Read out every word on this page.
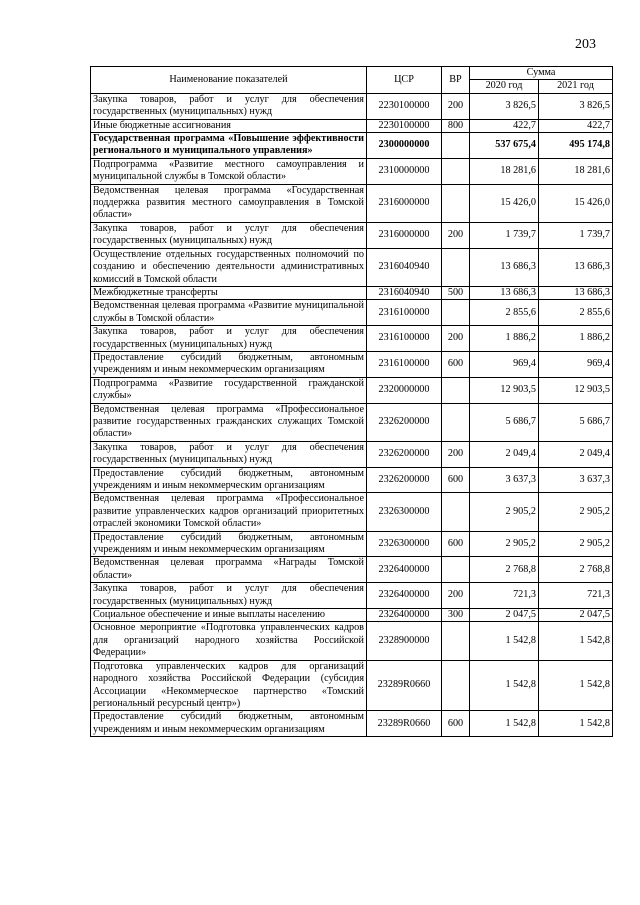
203
Наименование показателей	ЦСР	ВР	Сумма	
			2020 год	2021 год
Закупка товаров, работ и услуг для обеспечения государственных (муниципальных) нужд	2230100000	200	3 826,5	3 826,5
Иные бюджетные ассигнования	2230100000	800	422,7	422,7
Государственная программа «Повышение эффективности регионального и муниципального управления»	2300000000		537 675,4	495 174,8
Подпрограмма «Развитие местного самоуправления и муниципальной службы в Томской области»	2310000000		18 281,6	18 281,6
Ведомственная целевая программа «Государственная поддержка развития местного самоуправления в Томской области»	2316000000		15 426,0	15 426,0
Закупка товаров, работ и услуг для обеспечения государственных (муниципальных) нужд	2316000000	200	1 739,7	1 739,7
Осуществление отдельных государственных полномочий по созданию и обеспечению деятельности административных комиссий в Томской области	2316040940		13 686,3	13 686,3
Межбюджетные трансферты	2316040940	500	13 686,3	13 686,3
Ведомственная целевая программа «Развитие муниципальной службы в Томской области»	2316100000		2 855,6	2 855,6
Закупка товаров, работ и услуг для обеспечения государственных (муниципальных) нужд	2316100000	200	1 886,2	1 886,2
Предоставление субсидий бюджетным, автономным учреждениям и иным некоммерческим организациям	2316100000	600	969,4	969,4
Подпрограмма «Развитие государственной гражданской службы»	2320000000		12 903,5	12 903,5
Ведомственная целевая программа «Профессиональное развитие государственных гражданских служащих Томской области»	2326200000		5 686,7	5 686,7
Закупка товаров, работ и услуг для обеспечения государственных (муниципальных) нужд	2326200000	200	2 049,4	2 049,4
Предоставление субсидий бюджетным, автономным учреждениям и иным некоммерческим организациям	2326200000	600	3 637,3	3 637,3
Ведомственная целевая программа «Профессиональное развитие управленческих кадров организаций приоритетных отраслей экономики Томской области»	2326300000		2 905,2	2 905,2
Предоставление субсидий бюджетным, автономным учреждениям и иным некоммерческим организациям	2326300000	600	2 905,2	2 905,2
Ведомственная целевая программа «Награды Томской области»	2326400000		2 768,8	2 768,8
Закупка товаров, работ и услуг для обеспечения государственных (муниципальных) нужд	2326400000	200	721,3	721,3
Социальное обеспечение и иные выплаты населению	2326400000	300	2 047,5	2 047,5
Основное мероприятие «Подготовка управленческих кадров для организаций народного хозяйства Российской Федерации»	2328900000		1 542,8	1 542,8
Подготовка управленческих кадров для организаций народного хозяйства Российской Федерации (субсидия Ассоциации «Некоммерческое партнерство «Томский региональный ресурсный центр»)	23289R0660		1 542,8	1 542,8
Предоставление субсидий бюджетным, автономным учреждениям и иным некоммерческим организациям	23289R0660	600	1 542,8	1 542,8
